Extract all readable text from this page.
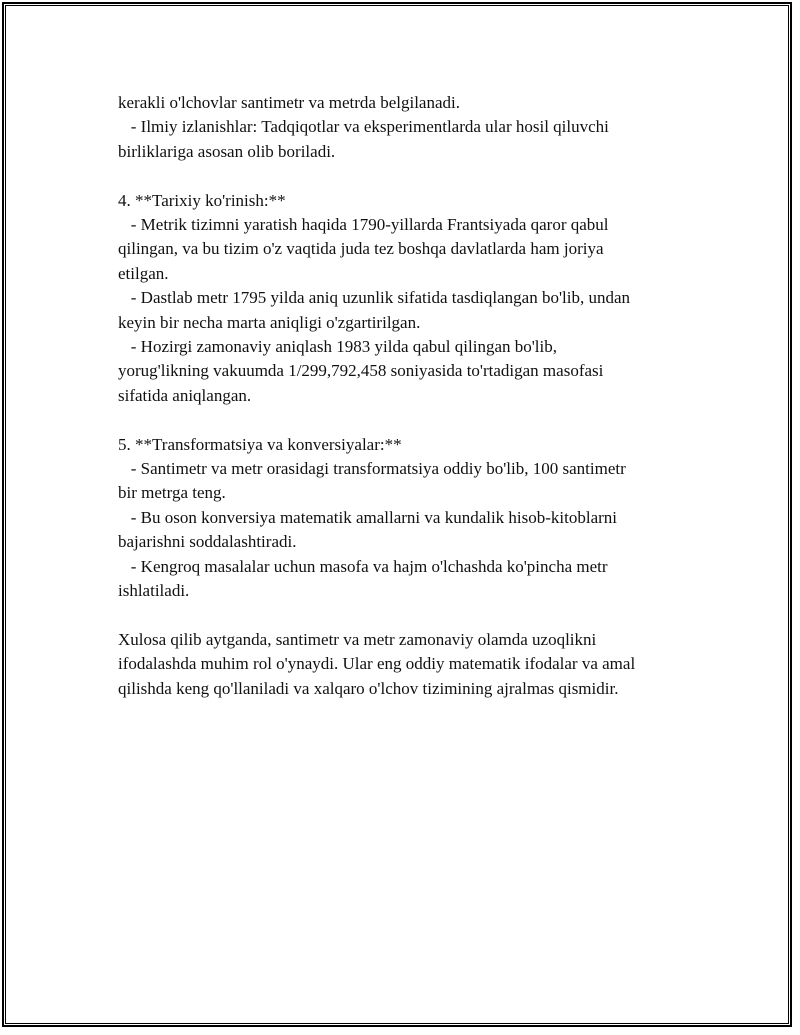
kerakli o'lchovlar santimetr va metrda belgilanadi.

- Ilmiy izlanishlar: Tadqiqotlar va eksperimentlarda ular hosil qiluvchi

birliklariga asosan olib boriladi.

4. **Tarixiy ko'rinish:**

- Metrik tizimni yaratish haqida 1790-yillarda Frantsiyada qaror qabul

qilingan, va bu tizim o'z vaqtida juda tez boshqa davlatlarda ham joriya

etilgan.

- Dastlab metr 1795 yilda aniq uzunlik sifatida tasdiqlangan bo'lib, undan

keyin bir necha marta aniqligi o'zgartirilgan.

- Hozirgi zamonaviy aniqlash 1983 yilda qabul qilingan bo'lib,

yorug'likning vakuumda 1/299,792,458 soniyasida to'rtadigan masofasi

sifatida aniqlangan.

5. **Transformatsiya va konversiyalar:**

- Santimetr va metr orasidagi transformatsiya oddiy bo'lib, 100 santimetr

bir metrga teng.

- Bu oson konversiya matematik amallarni va kundalik hisob-kitoblarni

bajarishni soddalashtiradi.

- Kengroq masalalar uchun masofa va hajm o'lchashda ko'pincha metr

ishlatiladi.

Xulosa qilib aytganda, santimetr va metr zamonaviy olamda uzoqlikni

ifodalashda muhim rol o'ynaydi. Ular eng oddiy matematik ifodalar va amal

qilishda keng qo'llaniladi va xalqaro o'lchov tizimining ajralmas qismidir.
